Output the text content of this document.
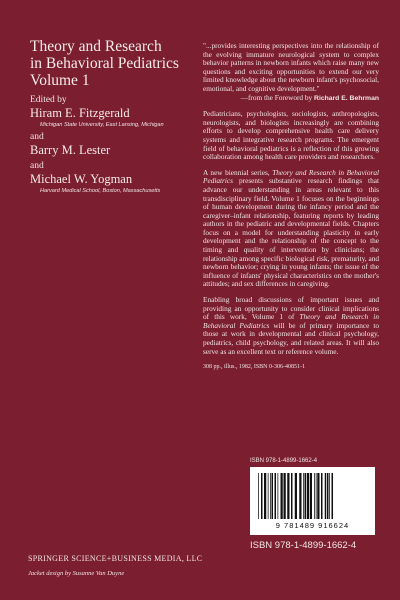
Theory and Research
in Behavioral Pediatrics
Volume 1
Edited by
Hiram E. Fitzgerald
Michigan State University, East Lansing, Michigan
and
Barry M. Lester
and
Michael W. Yogman
Harvard Medical School, Boston, Massachusetts

"...provides interesting perspectives into the relationship of the evolving immature neurological system to complex behavior patterns in newborn infants which raise many new questions and exciting opportunities to extend our very limited knowledge about the newborn infant's psychosocial, emotional, and cognitive development."

—from the Foreword by Richard E. Behrman

Pediatricians, psychologists, sociologists, anthropologists, neurologists, and biologists increasingly are combining efforts to develop comprehensive health care delivery systems and integrative research programs. The emergent field of behavioral pediatrics is a reflection of this growing collaboration among health care providers and researchers.

A new biennial series, Theory and Research in Behavioral Pediatrics presents substantive research findings that advance our understanding in areas relevant to this transdisciplinary field. Volume 1 focuses on the beginnings of human development during the infancy period and the caregiver–infant relationship, featuring reports by leading authors in the pediatric and developmental fields. Chapters focus on a model for understanding plasticity in early development and the relationship of the concept to the timing and quality of intervention by clinicians; the relationship among specific biological risk, prematurity, and newborn behavior; crying in young infants; the issue of the influence of infants' physical characteristics on the mother's attitudes; and sex differences in caregiving.

Enabling broad discussions of important issues and providing an opportunity to consider clinical implications of this work, Volume 1 of Theory and Research in Behavioral Pediatrics will be of primary importance to those at work in developmental and clinical psychology, pediatrics, child psychology, and related areas. It will also serve as an excellent text or reference volume.

308 pp., illus., 1982, ISBN 0-306-40851-1

ISBN 978-1-4899-1662-4
9 781489 916624
ISBN 978-1-4899-1662-4
SPRINGER SCIENCE+BUSINESS MEDIA, LLC
Jacket design by Susanne Van Duyne
